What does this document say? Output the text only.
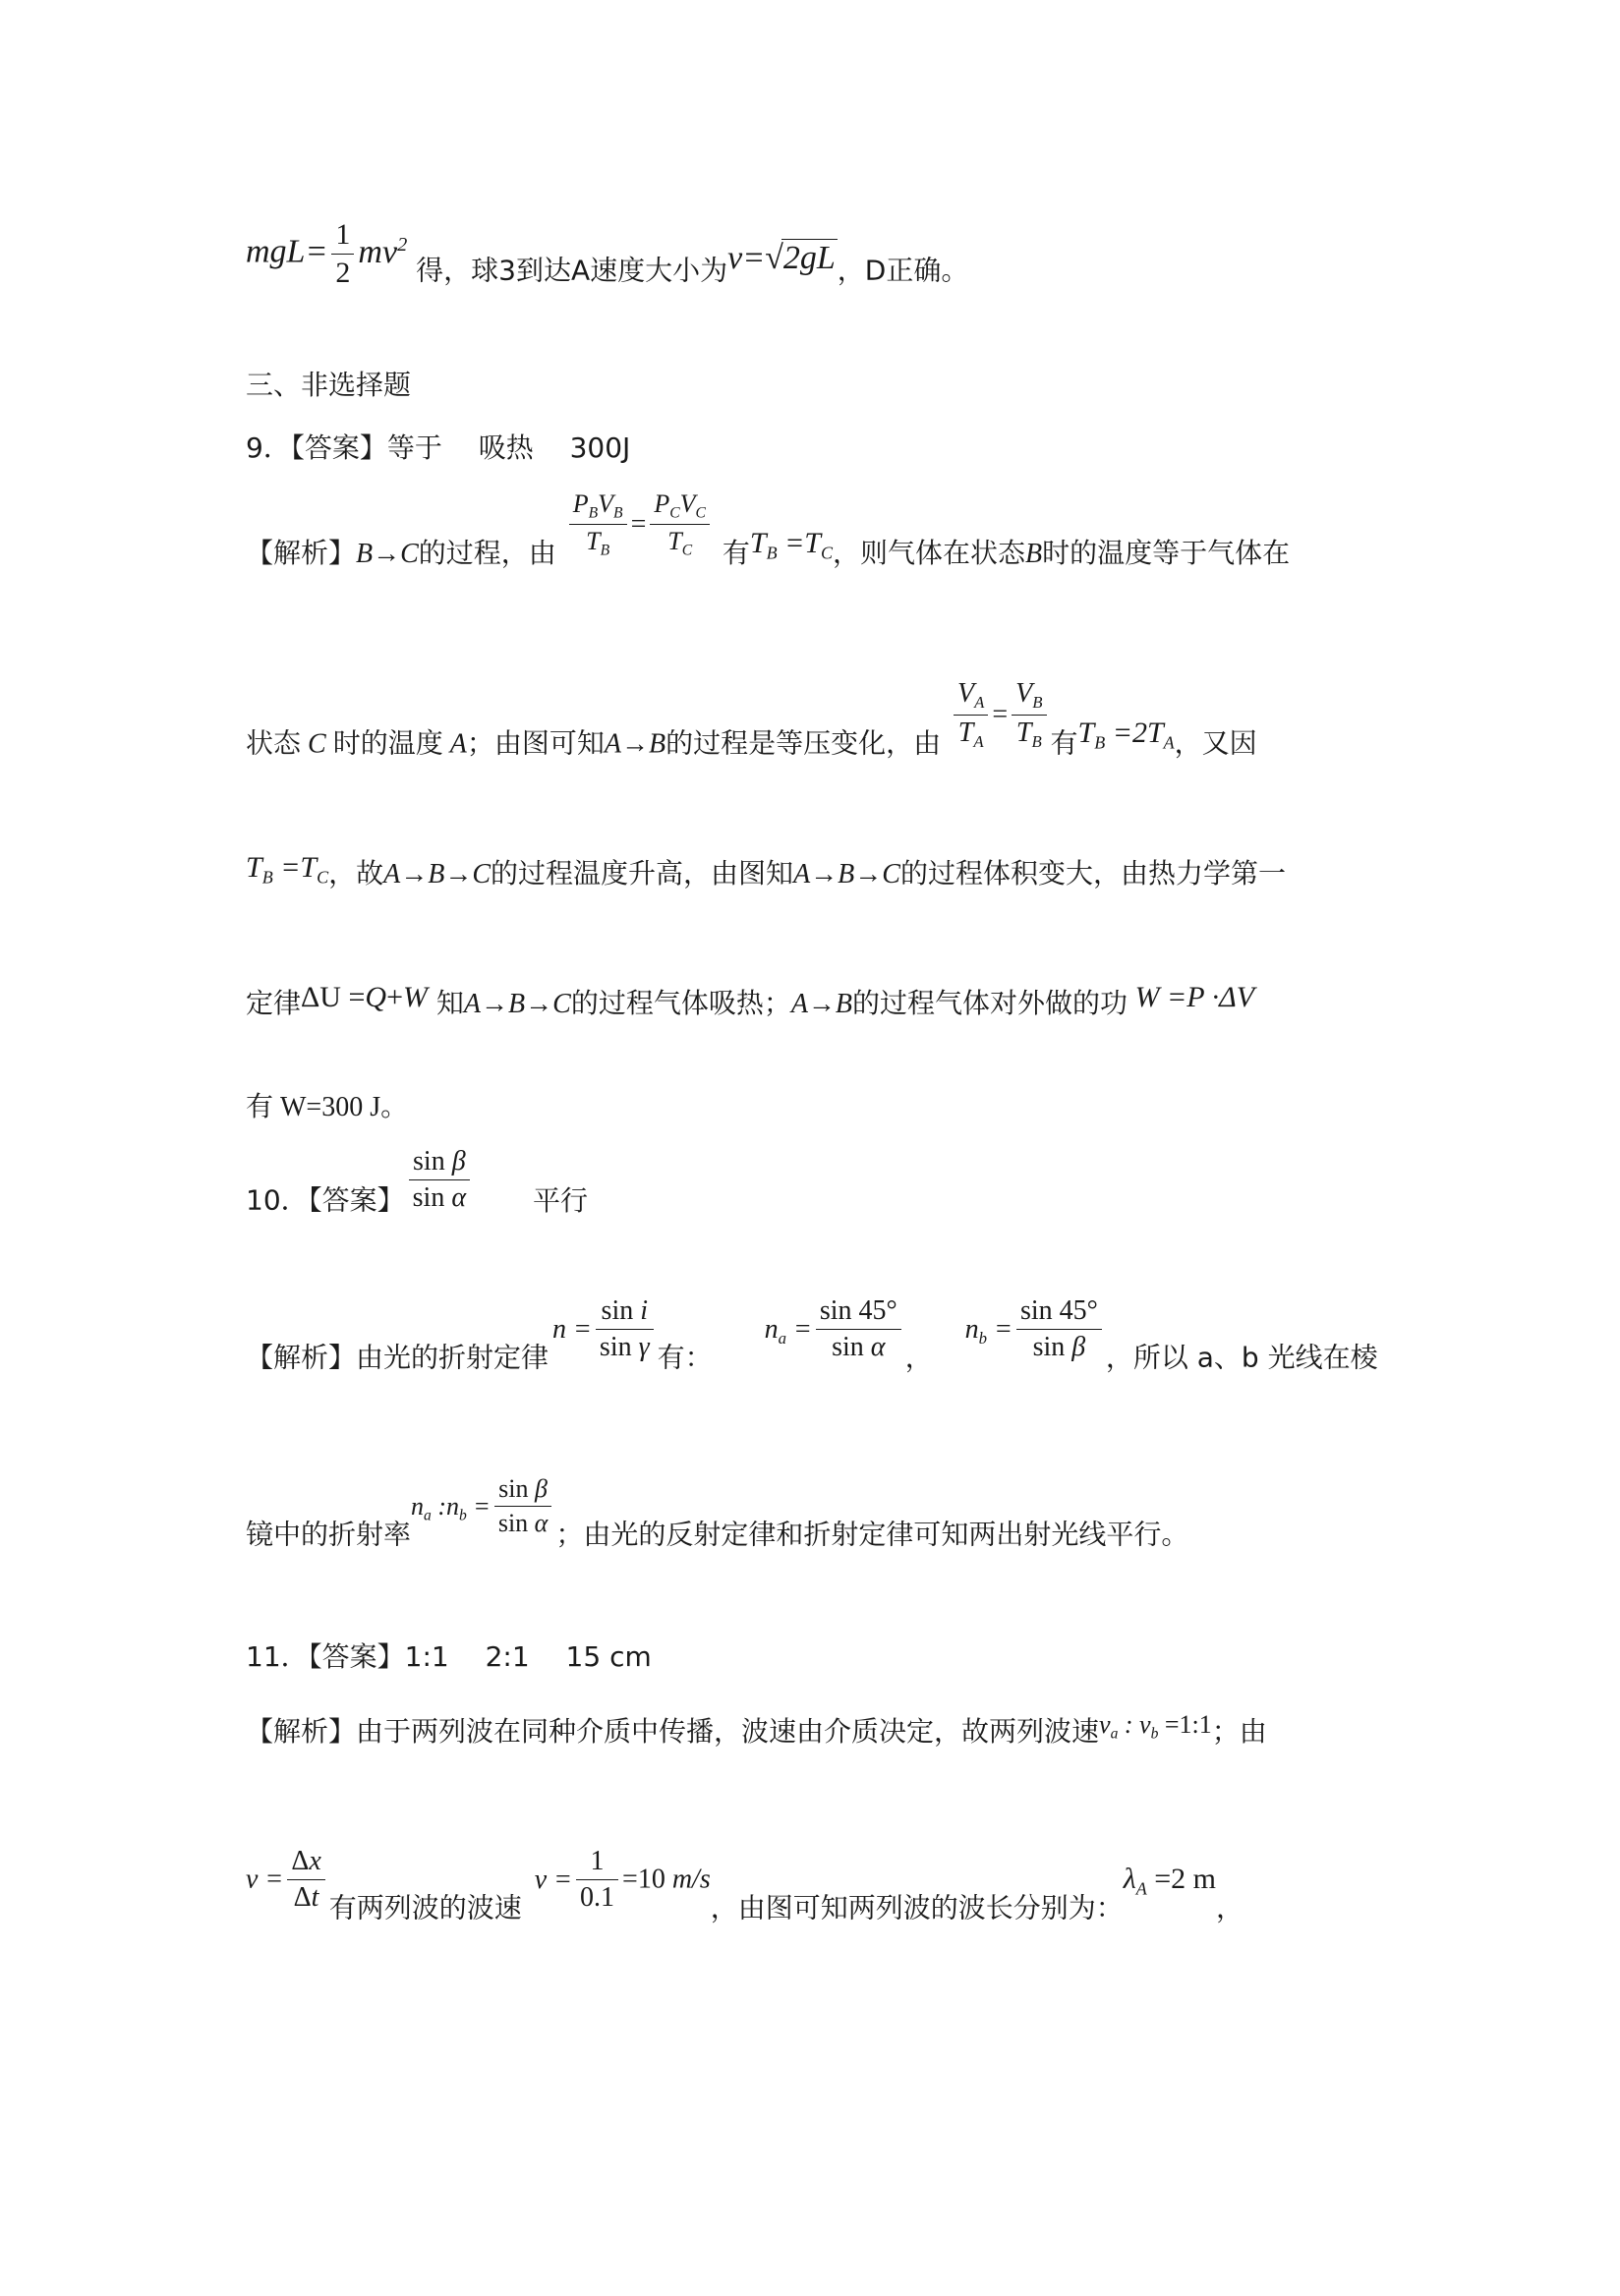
$mgL= \frac{1}{2} mv^2$ 得，球3到达A速度大小为v=√2gL，D正确。
三、非选择题
9．【答案】等于　 吸热　 300J
【解析】B→C的过程，由 $\frac{P_BV_B}{T_B} = \frac{P_CV_C}{T_C}$ 有$T_B =T_C$，则气体在状态B时的温度等于气体在
状态 C 时的温度 A；由图可知A→B的过程是等压变化，由 $\frac{V_A}{T_A} = \frac{V_B}{T_B}$ 有$T_B =2T_A$，又因
$T_B =T_C$，故A→B→C的过程温度升高，由图知A→B→C的过程体积变大，由热力学第一
定律ΔU =Q+W 知A→B→C的过程气体吸热；A→B的过程气体对外做的功 W =P ·ΔV
有 W=300 J。
10．【答案】 $\frac{\text{sin β}}{\text{sin α}}$ 平行
【解析】由光的折射定律$n = \frac{\text{sin i}}{\text{sin γ}}$ 有： $n_a = \frac{\sin 45^\circ}{\text{sin α}}$ ， $n_b = \frac{\sin 45^\circ}{\text{sin β}}$ ，所以 a、b 光线在棱
镜中的折射率$n_a$ $:n_b = \frac{\text{sin β}}{\text{sin α}}$ ；由光的反射定律和折射定律可知两出射光线平行。
11．【答案】1:1　 2:1　 15 cm
【解析】由于两列波在同种介质中传播，波速由介质决定，故两列波速$v_a$ : $v_b$ =1:1；由
$v = \frac{\Delta x}{\Delta t}$ 有两列波的波速 $v = \frac{1}{0.1} =10$ m/s，由图可知两列波的波长分别为：$\lambda_A =2$ m，
